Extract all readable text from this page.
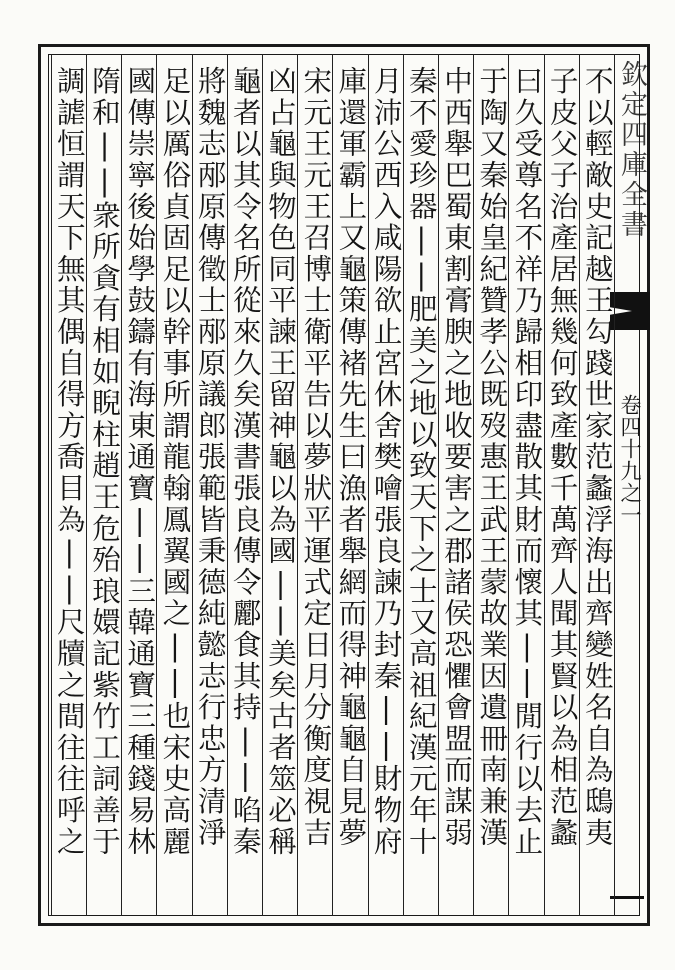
欽定四庫全書
卷四十九之一
不以輕敵史記越王勾踐世家范蠡浮海出齊變姓名自為鴟夷
子皮父子治產居無幾何致產數千萬齊人聞其賢以為相范蠡
曰久受尊名不祥乃歸相印盡散其財而懷其||閒行以去止
于陶又秦始皇紀贊孝公既歿惠王武王蒙故業因遺冊南兼漢
中西舉巴蜀東割膏腴之地收要害之郡諸侯恐懼會盟而謀弱
秦不愛珍器||肥美之地以致天下之士又高祖紀漢元年十
月沛公西入咸陽欲止宮休舍樊噲張良諫乃封秦||財物府
庫還軍霸上又龜策傳褚先生曰漁者舉網而得神龜龜自見夢
宋元王元王召博士衛平告以夢狀平運式定日月分衡度視吉
凶占龜與物色同平諫王留神龜以為國||美矣古者筮必稱
龜者以其令名所從來久矣漢書張良傳令酈食其持||啗秦
將魏志邴原傳徵士邴原議郎張範皆秉德純懿志行忠方清淨
足以厲俗貞固足以幹事所謂龍翰鳳翼國之||也宋史高麗
國傳崇寧後始學鼓鑄有海東通寶||三韓通寶三種錢易林
隋和||衆所貪有相如睨柱趙王危殆琅嬛記紫竹工詞善于
調謔恒謂天下無其偶自得方喬目為||尺牘之間往往呼之
